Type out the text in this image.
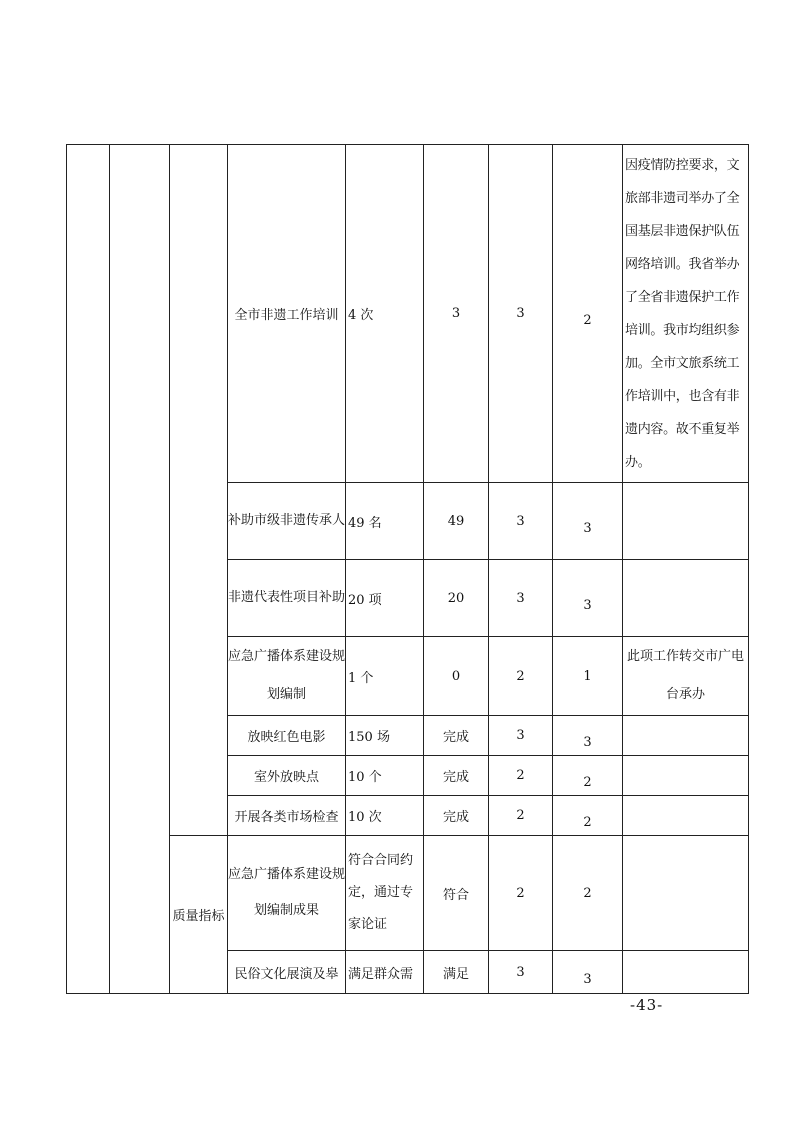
			全市非遗工作培训	4 次	3	3	2	因疫情防控要求，文旅部非遗司举办了全国基层非遗保护队伍网络培训。我省举办了全省非遗保护工作培训。我市均组织参加。全市文旅系统工作培训中，也含有非遗内容。故不重复举办。
			补助市级非遗传承人	49 名	49	3	3	
			非遗代表性项目补助	20 项	20	3	3	
			应急广播体系建设规划编制	1 个	0	2	1	此项工作转交市广电台承办
			放映红色电影	150 场	完成	3	3	
			室外放映点	10 个	完成	2	2	
			开展各类市场检查	10 次	完成	2	2	
		质量指标	应急广播体系建设规划编制成果	符合合同约定，通过专家论证	符合	2	2	
			民俗文化展演及皋	满足群众需	满足	3	3	
-43-
